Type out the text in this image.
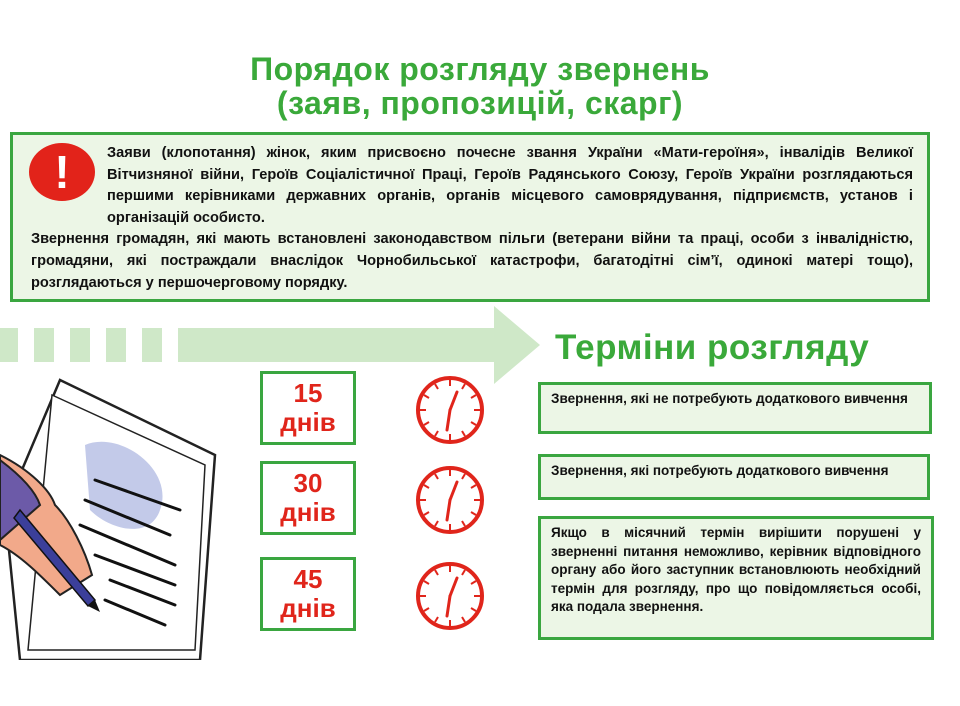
Порядок розгляду звернень
(заяв, пропозицій, скарг)
!	Заяви (клопотання) жінок, яким присвоєно почесне звання України «Мати-героїня», інвалідів Великої Вітчизняної війни, Героїв Соціалістичної Праці, Героїв Радянського Союзу, Героїв України розглядаються першими керівниками державних органів, органів місцевого самоврядування, підприємств, установ і організацій особисто.

Звернення громадян, які мають встановлені законодавством пільги (ветерани війни та праці, особи з інвалідністю, громадяни, які постраждали внаслідок Чорнобильської катастрофи, багатодітні сім’ї, одинокі матері тощо), розглядаються у першочерговому порядку.

Терміни розгляду
15
днів
30
днів
45
днів
Звернення, які не потребують додаткового вивчення
Звернення, які потребують додаткового вивчення
Якщо в місячний термін вирішити порушені у зверненні питання неможливо, керівник відповідного органу або його заступник встановлюють необхідний термін для розгляду, про що повідомляється особі, яка подала звернення.
